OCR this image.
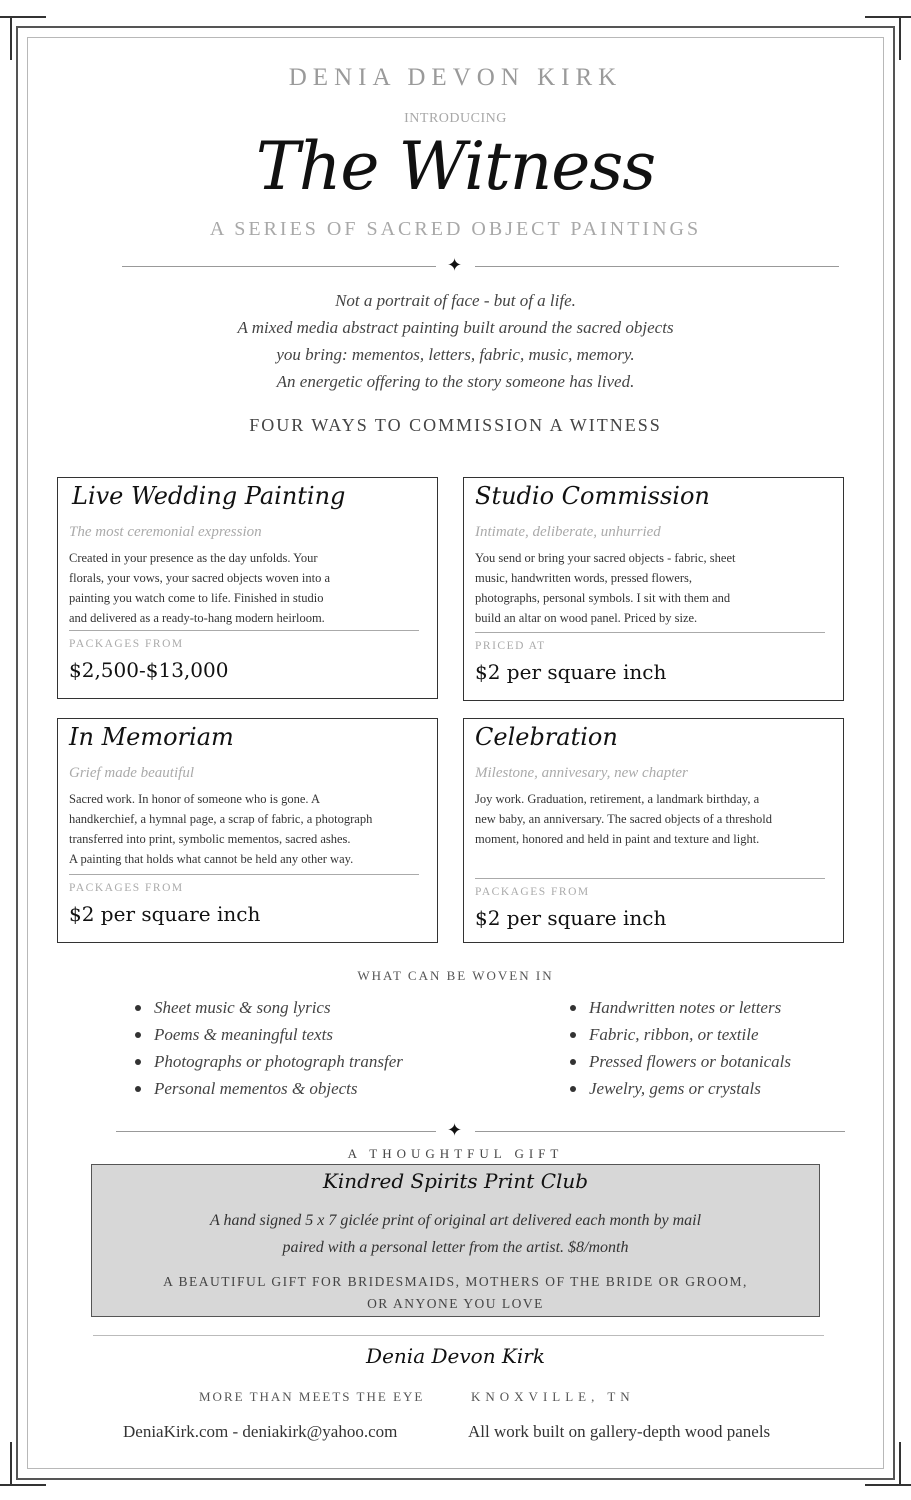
DENIA DEVON KIRK
INTRODUCING
The Witness
A SERIES OF SACRED OBJECT PAINTINGS
✦
Not a portrait of face - but of a life.
A mixed media abstract painting built around the sacred objects
you bring: mementos, letters, fabric, music, memory.
An energetic offering to the story someone has lived.
FOUR WAYS TO COMMISSION A WITNESS
Live Wedding Painting
The most ceremonial expression
Created in your presence as the day unfolds. Your
florals, your vows, your sacred objects woven into a
painting you watch come to life. Finished in studio
and delivered as a ready-to-hang modern heirloom.
PACKAGES FROM
$2,500-$13,000
Studio Commission
Intimate, deliberate, unhurried
You send or bring your sacred objects - fabric, sheet
music, handwritten words, pressed flowers,
photographs, personal symbols. I sit with them and
build an altar on wood panel. Priced by size.
PRICED AT
$2 per square inch
In Memoriam
Grief made beautiful
Sacred work. In honor of someone who is gone. A
handkerchief, a hymnal page, a scrap of fabric, a photograph
transferred into print, symbolic mementos, sacred ashes.
A painting that holds what cannot be held any other way.
PACKAGES FROM
$2 per square inch
Celebration
Milestone, annivesary, new chapter
Joy work. Graduation, retirement, a landmark birthday, a
new baby, an anniversary. The sacred objects of a threshold
moment, honored and held in paint and texture and light.
PACKAGES FROM
$2 per square inch
WHAT CAN BE WOVEN IN
Sheet music & song lyrics
Poems & meaningful texts
Photographs or photograph transfer
Personal mementos & objects
Handwritten notes or letters
Fabric, ribbon, or textile
Pressed flowers or botanicals
Jewelry, gems or crystals
✦
Kindred Spirits Print Club
A hand signed 5 x 7 giclée print of original art delivered each month by mail
paired with a personal letter from the artist. $8/month
A BEAUTIFUL GIFT FOR BRIDESMAIDS, MOTHERS OF THE BRIDE OR GROOM,
OR ANYONE YOU LOVE
A THOUGHTFUL GIFT
Denia Devon Kirk
MORE THAN MEETS THE EYE	KNOXVILLE, TN
DeniaKirk.com - deniakirk@yahoo.com	All work built on gallery-depth wood panels
